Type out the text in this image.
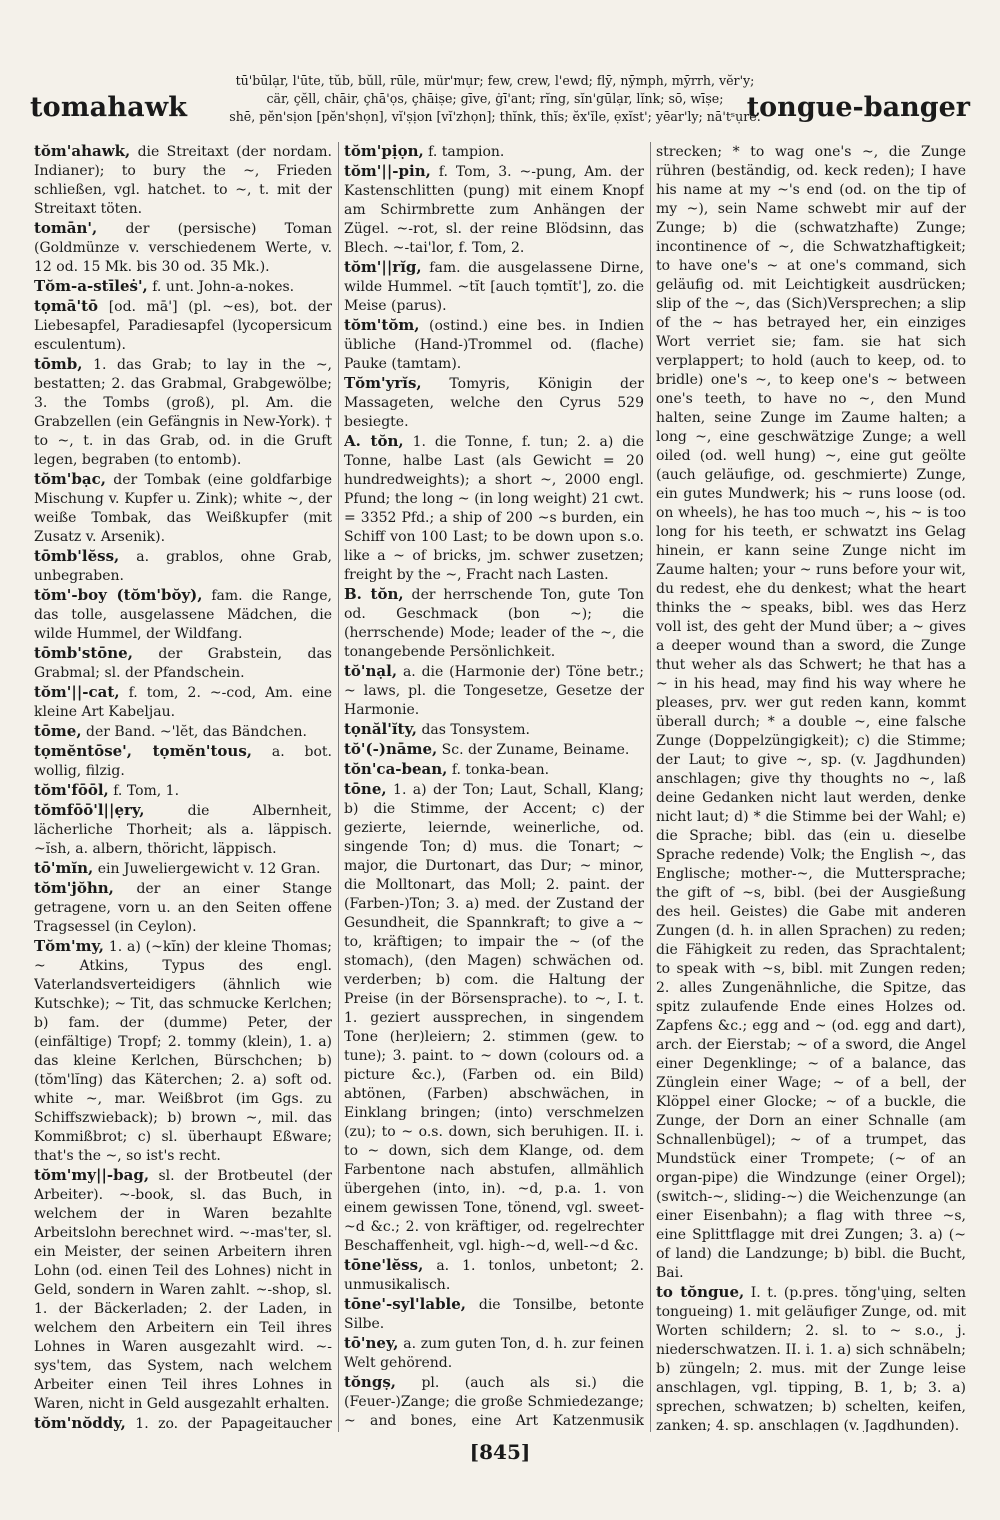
tomahawk
tū'būlạr, l'ūte, tŭb, bŭll, rūle, mür'mụr; few, crew, l'ewd; flȳ, nȳmph, mȳrrh, vĕr'y;
cär, çĕll, chāir, çhā'ọs, çhāiṣe; gīve, ġī'ant; rĭng, sĭn'gūlạr, lĭnk; sō, wīṣe;
shē, pĕn'sịon [pĕn'shọn], vĭ'ṣịon [vĭ'zhọn]; thĭnk, thĭs; ĕx'ĭle, ẹxĭst'; yēar'ly; nā'tˢụre.
tongue-banger
tŏm'ahawk, die Streitaxt (der nordam. Indianer); to bury the ~, Frieden schließen, vgl. hatchet. to ~, t. mit der Streitaxt töten.
tomān', der (persische) Toman (Goldmünze v. verschiedenem Werte, v. 12 od. 15 Mk. bis 30 od. 35 Mk.).
Tŏm-a-stīleṡ', f. unt. John-a-nokes.
tọmā'tō [od. mā'] (pl. ~es), bot. der Liebesapfel, Paradiesapfel (lycopersicum esculentum).
tōmb, 1. das Grab; to lay in the ~, bestatten; 2. das Grabmal, Grabgewölbe; 3. the Tombs (groß), pl. Am. die Grabzellen (ein Gefängnis in New-York). † to ~, t. in das Grab, od. in die Gruft legen, begraben (to entomb).
tŏm'bạc, der Tombak (eine goldfarbige Mischung v. Kupfer u. Zink); white ~, der weiße Tombak, das Weißkupfer (mit Zusatz v. Arsenik).
tōmb'lĕss, a. grablos, ohne Grab, unbegraben.
tŏm'-boy (tŏm'bŏy), fam. die Range, das tolle, ausgelassene Mädchen, die wilde Hummel, der Wildfang.
tōmb'stōne, der Grabstein, das Grabmal; sl. der Pfandschein.
tŏm'||-cat, f. tom, 2. ~-cod, Am. eine kleine Art Kabeljau.
tōme, der Band. ~'lĕt, das Bändchen.
tọmĕntōse', tọmĕn'tous, a. bot. wollig, filzig.
tŏm'fōōl, f. Tom, 1.
tŏmfōō'l||ẹry,	die Albernheit, lächerliche Thorheit; als a. läppisch. ~ĭsh, a. albern, thöricht, läppisch.
tō'mĭn, ein Juweliergewicht v. 12 Gran.
tŏm'jŏhn, der an einer Stange getragene, vorn u. an den Seiten offene Tragsessel (in Ceylon).
Tŏm'my, 1. a) (~kĭn) der kleine Thomas; ~ Atkins, Typus des engl. Vaterlandsverteidigers (ähnlich wie Kutschke); ~ Tit, das schmucke Kerlchen; b) fam. der (dumme) Peter, der (einfältige) Tropf; 2. tommy (klein), 1. a) das kleine Kerlchen, Bürschchen; b) (tŏm'lĭng) das Käterchen; 2. a) soft od. white ~, mar. Weißbrot (im Ggs. zu Schiffszwieback); b) brown ~, mil. das Kommißbrot; c) sl. überhaupt Eßware; that's the ~, so ist's recht.
tŏm'my||-bag, sl. der Brotbeutel (der Arbeiter). ~-book, sl. das Buch, in welchem der in Waren bezahlte Arbeitslohn berechnet wird. ~-mas'ter, sl. ein Meister, der seinen Arbeitern ihren Lohn (od. einen Teil des Lohnes) nicht in Geld, sondern in Waren zahlt. ~-shop, sl. 1. der Bäckerladen; 2. der Laden, in welchem den Arbeitern ein Teil ihres Lohnes in Waren ausgezahlt wird. ~-sys'tem, das System, nach welchem Arbeiter einen Teil ihres Lohnes in Waren, nicht in Geld ausgezahlt erhalten.
tŏm'nŏddy, 1. zo. der Papageitaucher
tŏm'pịọn, f. tampion.
tŏm'||-pin, f. Tom, 3. ~-pung, Am. der Kastenschlitten (pung) mit einem Knopf am Schirmbrette zum Anhängen der Zügel. ~-rot, sl. der reine Blödsinn, das Blech. ~-tai'lor, f. Tom, 2.
tŏm'||rĭg, fam. die ausgelassene Dirne, wilde Hummel. ~tĭt [auch tọmtĭt'], zo. die Meise (parus).
tŏm'tŏm, (ostind.) eine bes. in Indien übliche (Hand-)Trommel od. (flache) Pauke (tamtam).
Tŏm'yrĭs, Tomyris, Königin der Massageten, welche den Cyrus 529 besiegte.
A. tŏn, 1. die Tonne, f. tun; 2. a) die Tonne, halbe Last (als Gewicht = 20 hundredweights); a short ~, 2000 engl. Pfund; the long ~ (in long weight) 21 cwt. = 3352 Pfd.; a ship of 200 ~s burden, ein Schiff von 100 Last; to be down upon s.o. like a ~ of bricks, jm. schwer zusetzen; freight by the ~, Fracht nach Lasten.
B. tŏn, der herrschende Ton, gute Ton od. Geschmack (bon ~); die (herrschende) Mode; leader of the ~, die tonangebende Persönlichkeit.
tŏ'nạl, a. die (Harmonie der) Töne betr.; ~ laws, pl. die Tongesetze, Gesetze der Harmonie.
tọnăl'ĭty, das Tonsystem.
tŏ'(-)nāme, Sc. der Zuname, Beiname.
tŏn'ca-bean, f. tonka-bean.
tōne, 1. a) der Ton; Laut, Schall, Klang; b) die Stimme, der Accent; c) der gezierte, leiernde, weinerliche, od. singende Ton; d) mus. die Tonart; ~ major, die Durtonart, das Dur; ~ minor, die Molltonart, das Moll; 2. paint. der (Farben-)Ton; 3. a) med. der Zustand der Gesundheit, die Spannkraft; to give a ~ to, kräftigen; to impair the ~ (of the stomach), (den Magen) schwächen od. verderben; b) com. die Haltung der Preise (in der Börsensprache). to ~, I. t. 1. geziert aussprechen, in singendem Tone (her)leiern; 2. stimmen (gew. to tune); 3. paint. to ~ down (colours od. a picture &c.), (Farben od. ein Bild) abtönen, (Farben) abschwächen, in Einklang bringen; (into) verschmelzen (zu); to ~ o.s. down, sich beruhigen. II. i. to ~ down, sich dem Klange, od. dem Farbentone nach abstufen, allmählich übergehen (into, in). ~d, p.a. 1. von einem gewissen Tone, tönend, vgl. sweet-~d &c.; 2. von kräftiger, od. regelrechter Beschaffenheit, vgl. high-~d, well-~d &c.
tōne'lĕss, a. 1. tonlos, unbetont; 2. unmusikalisch.
tōne'-syl'lable, die Tonsilbe, betonte Silbe.
tō'ney, a. zum guten Ton, d. h. zur feinen Welt gehörend.
tŏngṣ, pl. (auch als si.) die (Feuer-)Zange; die große Schmiedezange; ~ and bones, eine Art Katzenmusik
strecken; * to wag one's ~, die Zunge rühren (beständig, od. keck reden); I have his name at my ~'s end (od. on the tip of my ~), sein Name schwebt mir auf der Zunge; b) die (schwatzhafte) Zunge; incontinence of ~, die Schwatzhaftigkeit; to have one's ~ at one's command, sich geläufig od. mit Leichtigkeit ausdrücken; slip of the ~, das (Sich)Versprechen; a slip of the ~ has betrayed her, ein einziges Wort verriet sie; fam. sie hat sich verplappert; to hold (auch to keep, od. to bridle) one's ~, to keep one's ~ between one's teeth, to have no ~, den Mund halten, seine Zunge im Zaume halten; a long ~, eine geschwätzige Zunge; a well oiled (od. well hung) ~, eine gut geölte (auch geläufige, od. geschmierte) Zunge, ein gutes Mundwerk; his ~ runs loose (od. on wheels), he has too much ~, his ~ is too long for his teeth, er schwatzt ins Gelag hinein, er kann seine Zunge nicht im Zaume halten; your ~ runs before your wit, du redest, ehe du denkest; what the heart thinks the ~ speaks, bibl. wes das Herz voll ist, des geht der Mund über; a ~ gives a deeper wound than a sword, die Zunge thut weher als das Schwert; he that has a ~ in his head, may find his way where he pleases, prv. wer gut reden kann, kommt überall durch; * a double ~, eine falsche Zunge (Doppelzüngigkeit); c) die Stimme; der Laut; to give ~, sp. (v. Jagdhunden) anschlagen; give thy thoughts no ~, laß deine Gedanken nicht laut werden, denke nicht laut; d) * die Stimme bei der Wahl; e) die Sprache; bibl. das (ein u. dieselbe Sprache redende) Volk; the English ~, das Englische; mother-~, die Muttersprache; the gift of ~s, bibl. (bei der Ausgießung des heil. Geistes) die Gabe mit anderen Zungen (d. h. in allen Sprachen) zu reden; die Fähigkeit zu reden, das Sprachtalent; to speak with ~s, bibl. mit Zungen reden; 2. alles Zungenähnliche, die Spitze, das spitz zulaufende Ende eines Holzes od. Zapfens &c.; egg and ~ (od. egg and dart), arch. der Eierstab; ~ of a sword, die Angel einer Degenklinge; ~ of a balance, das Zünglein einer Wage; ~ of a bell, der Klöppel einer Glocke; ~ of a buckle, die Zunge, der Dorn an einer Schnalle (am Schnallenbügel); ~ of a trumpet, das Mundstück einer Trompete; (~ of an organ-pipe) die Windzunge (einer Orgel); (switch-~, sliding-~) die Weichenzunge (an einer Eisenbahn); a flag with three ~s, eine Splittflagge mit drei Zungen; 3. a) (~ of land) die Landzunge; b) bibl. die Bucht, Bai.
to tŏngue, I. t. (p.pres. tŏng'ụing, selten tongueing) 1. mit geläufiger Zunge, od. mit Worten schildern; 2. sl. to ~ s.o., j. niederschwatzen. II. i. 1. a) sich schnäbeln; b) züngeln; 2. mus. mit der Zunge leise anschlagen, vgl. tipping, B. 1, b; 3. a) sprechen, schwatzen; b) schelten, keifen, zanken; 4. sp. anschlagen (v. Jagdhunden).
[845]
